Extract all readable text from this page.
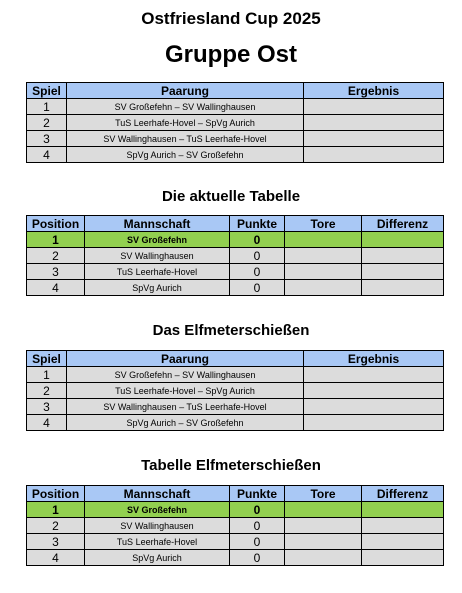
Ostfriesland Cup 2025
Gruppe Ost
Spiel	Paarung	Ergebnis
1	SV Großefehn – SV Wallinghausen	
2	TuS Leerhafe-Hovel – SpVg Aurich	
3	SV Wallinghausen – TuS Leerhafe-Hovel	
4	SpVg Aurich – SV Großefehn	
Die aktuelle Tabelle
Position	Mannschaft	Punkte	Tore	Differenz
1	SV Großefehn	0		
2	SV Wallinghausen	0		
3	TuS Leerhafe-Hovel	0		
4	SpVg Aurich	0		
Das Elfmeterschießen
Spiel	Paarung	Ergebnis
1	SV Großefehn – SV Wallinghausen	
2	TuS Leerhafe-Hovel – SpVg Aurich	
3	SV Wallinghausen – TuS Leerhafe-Hovel	
4	SpVg Aurich – SV Großefehn	
Tabelle Elfmeterschießen
Position	Mannschaft	Punkte	Tore	Differenz
1	SV Großefehn	0		
2	SV Wallinghausen	0		
3	TuS Leerhafe-Hovel	0		
4	SpVg Aurich	0		
